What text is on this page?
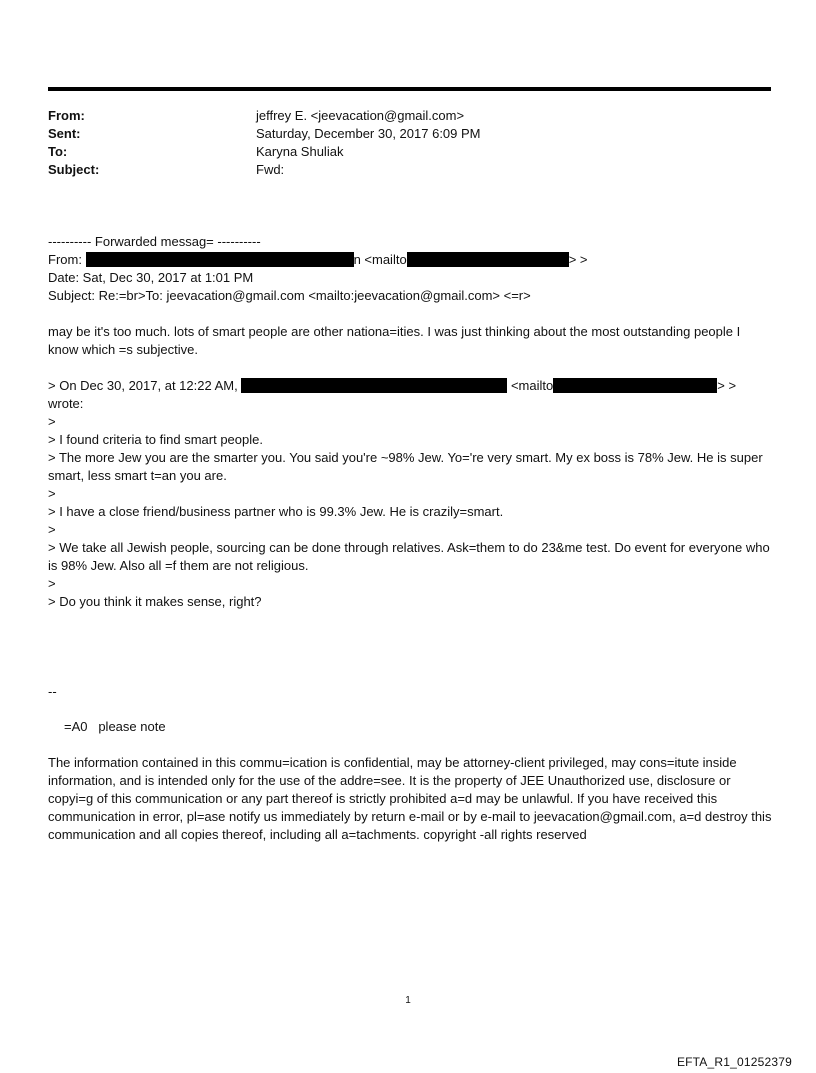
From:	jeffrey E. <jeevacation@gmail.com>
Sent:	Saturday, December 30, 2017 6:09 PM
To:	Karyna Shuliak
Subject:	Fwd:
---------- Forwarded messag= ----------
From:	n <mailto	> >
Date: Sat, Dec 30, 2017 at 1:01 PM
Subject: Re:=br>To: jeevacation@gmail.com <mailto:jeevacation@gmail.com> <=r>
may be it's too much. lots of smart people are other nationa=ities. I was just thinking about the most outstanding people I know which =s subjective.
> On Dec 30, 2017, at 12:22 AM,	<mailto	> >
wrote:
>
> I found criteria to find smart people.
> The more Jew you are the smarter you. You said you're ~98% Jew. Yo='re very smart. My ex boss is 78% Jew. He is super smart, less smart t=an you are.
>
> I have a close friend/business partner who is 99.3% Jew. He is crazily=smart.
>
> We take all Jewish people, sourcing can be done through relatives. Ask=them to do 23&me test. Do event for everyone who is 98% Jew. Also all =f them are not religious.
>
> Do you think it makes sense, right?
--
=A0   please note
The information contained in this commu=ication is confidential, may be attorney-client privileged, may cons=itute inside information, and is intended only for the use of the addre=see. It is the property of JEE Unauthorized use, disclosure or copyi=g of this communication or any part thereof is strictly prohibited a=d may be unlawful. If you have received this communication in error, pl=ase notify us immediately by return e-mail or by e-mail to jeevacation@gmail.com, a=d destroy this communication and all copies thereof, including all a=tachments. copyright -all rights reserved
1
EFTA_R1_01252379
